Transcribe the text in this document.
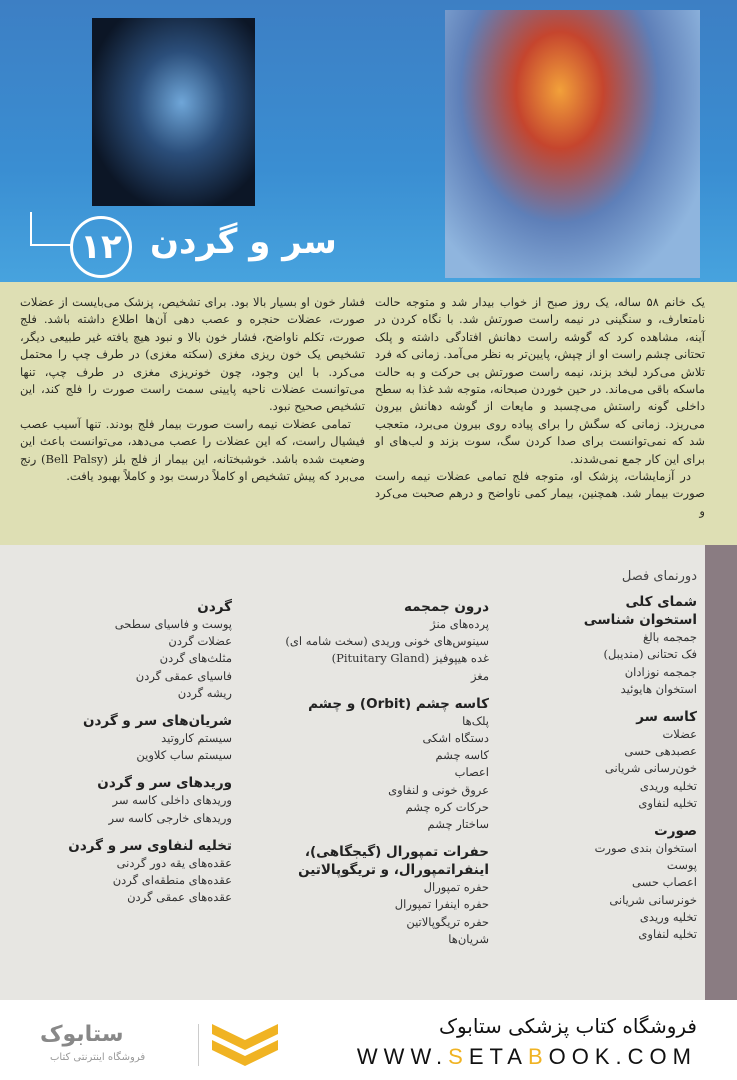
۱۲ سر و گردن

یک خانم ۵۸ ساله، یک روز صبح از خواب بیدار شد و متوجه حالت نامتعارف، و سنگینی در نیمه راست صورتش شد. با نگاه کردن در آینه، مشاهده کرد که گوشه راست دهانش افتادگی داشته و پلک تحتانی چشم راست او از چپش، پایین‌تر به نظر می‌آمد. زمانی که فرد تلاش می‌کرد لبخد بزند، نیمه راست صورتش بی حرکت و به حالت ماسکه باقی می‌ماند. در حین خوردن صبحانه، متوجه شد غذا به سطح داخلی گونه راستش می‌چسبد و مایعات از گوشه دهانش بیرون می‌ریزد. زمانی که سگش را برای پیاده روی بیرون می‌برد، متعجب شد که نمی‌توانست برای صدا کردن سگ، سوت بزند و لب‌های او برای این کار جمع نمی‌شدند.

در آزمایشات، پزشک او، متوجه فلج تمامی عضلات نیمه راست صورت بیمار شد. همچنین، بیمار کمی ناواضح و درهم صحبت می‌کرد و

فشار خون او بسیار بالا بود. برای تشخیص، پزشک می‌بایست از عضلات صورت، عضلات حنجره و عصب دهی آن‌ها اطلاع داشته باشد. فلج صورت، تکلم ناواضح، فشار خون بالا و نبود هیچ یافته غیر طبیعی دیگر، تشخیص یک خون ریزی مغزی (سکته مغزی) در طرف چپ را محتمل می‌کرد. با این وجود، چون خونریزی مغزی در طرف چپ، تنها می‌توانست عضلات ناحیه پایینی سمت راست صورت را فلج کند، این تشخیص صحیح نبود.

تمامی عضلات نیمه راست صورت بیمار فلج بودند. تنها آسیب عصب فیشیال راست، که این عضلات را عصب می‌دهد، می‌توانست باعث این وضعیت شده باشد. خوشبختانه، این بیمار از فلج بلز (Bell Palsy) رنج می‌برد که پیش تشخیص او کاملاً درست بود و کاملاً بهبود یافت.

دورنمای فصل
شمای کلی
استخوان شناسی
جمجمه بالغ
فک تحتانی (مندیبل)
جمجمه نوزادان
استخوان هایوئید
کاسه سر
عضلات
عصبدهی حسی
خون‌رسانی شریانی
تخلیه وریدی
تخلیه لنفاوی
صورت
استخوان بندی صورت
پوست
اعصاب حسی
خونرسانی شریانی
تخلیه وریدی
تخلیه لنفاوی
درون جمجمه
پرده‌های منژ
سینوس‌های خونی وریدی (سخت شامه ای)
غده هیپوفیز (Pituitary Gland)
مغز
کاسه چشم (Orbit) و چشم
پلک‌ها
دستگاه اشکی
کاسه چشم
اعصاب
عروق خونی و لنفاوی
حرکات کره چشم
ساختار چشم
حفرات تمپورال (گیجگاهی)، اینفراتمپورال، و تریگوپالاتین
حفره تمپورال
حفره اینفرا تمپورال
حفره تریگوپالاتین
شریان‌ها
گردن
پوست و فاسیای سطحی
عضلات گردن
مثلث‌های گردن
فاسیای عمقی گردن
ریشه گردن
شریان‌های سر و گردن
سیستم کاروتید
سیستم ساب کلاوین
وریدهای سر و گردن
وریدهای داخلی کاسه سر
وریدهای خارجی کاسه سر
تخلیه لنفاوی سر و گردن
عقده‌های یقه دور گردنی
عقده‌های منطقه‌ای گردن
عقده‌های عمقی گردن
فروشگاه کتاب پزشکی ستابوک
WWW.SETABOOK.COM
ستابوک
فروشگاه اینترنتی کتاب
